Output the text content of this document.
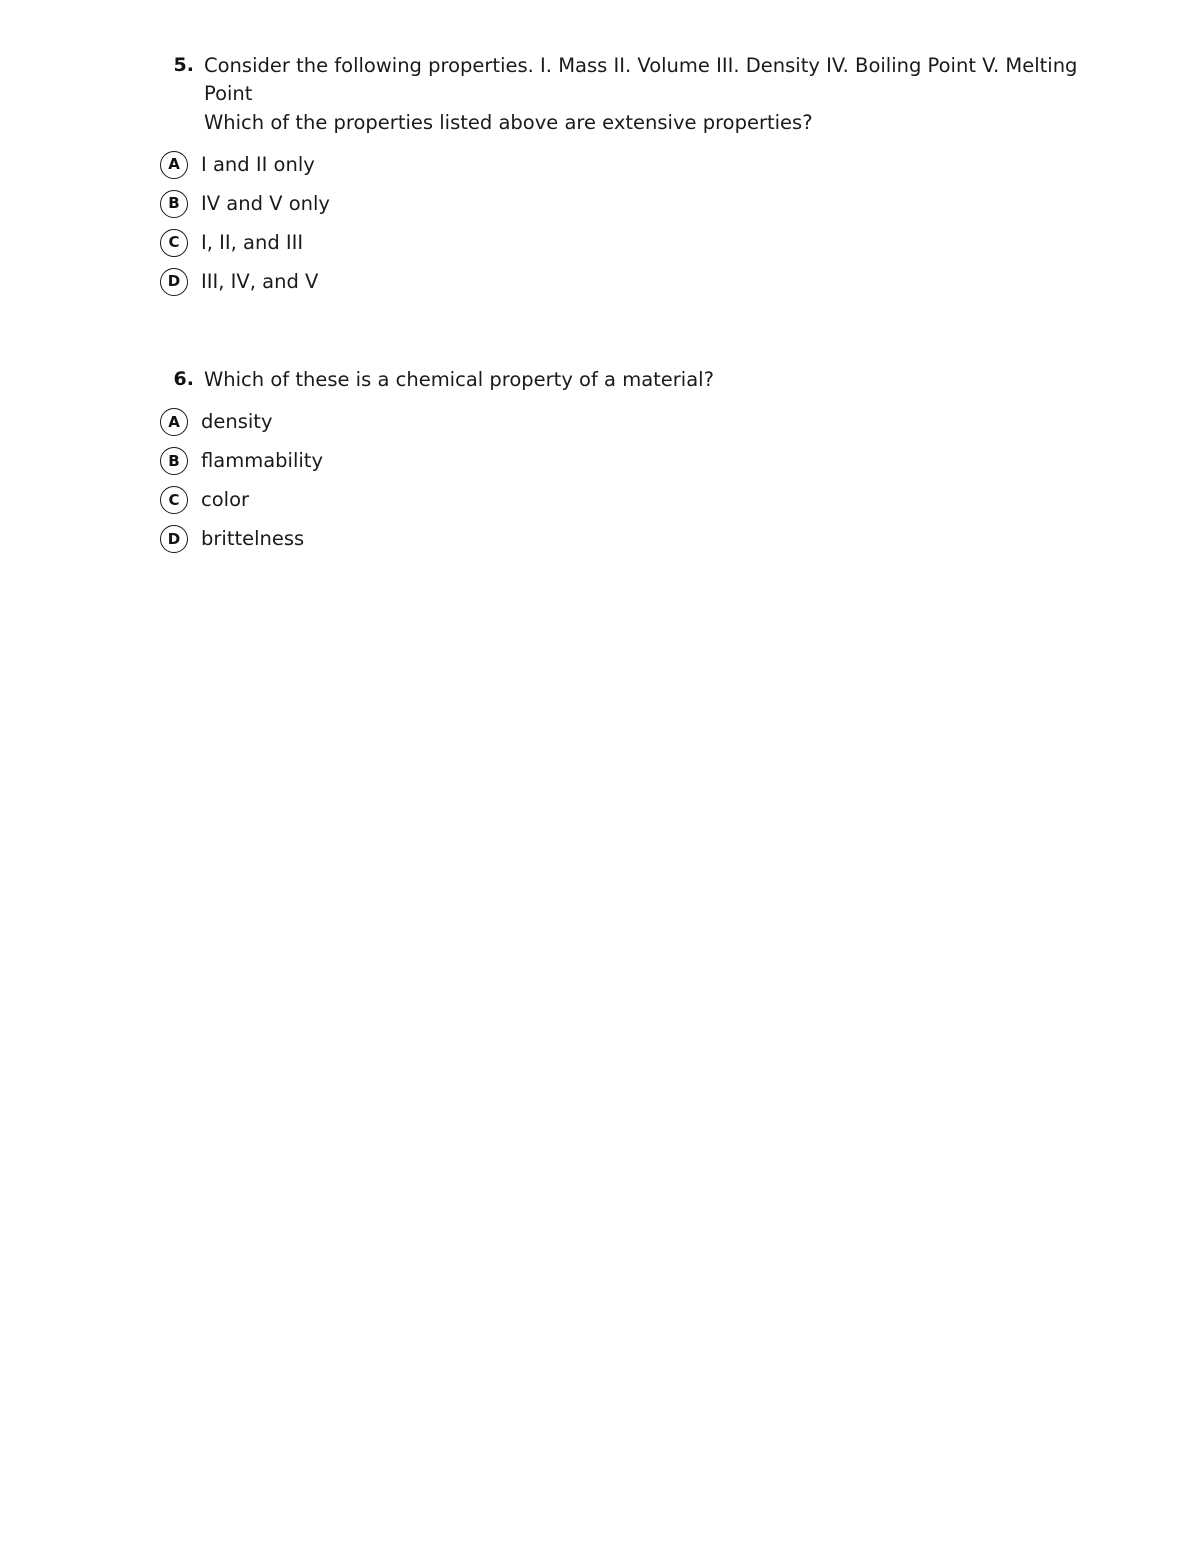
5. Consider the following properties. I. Mass II. Volume III. Density IV. Boiling Point V. Melting Point
Which of the properties listed above are extensive properties?
A	I and II only
B	IV and V only
C	I, II, and III
D	III, IV, and V
6. Which of these is a chemical property of a material?
A	density
B	flammability
C	color
D	brittelness
